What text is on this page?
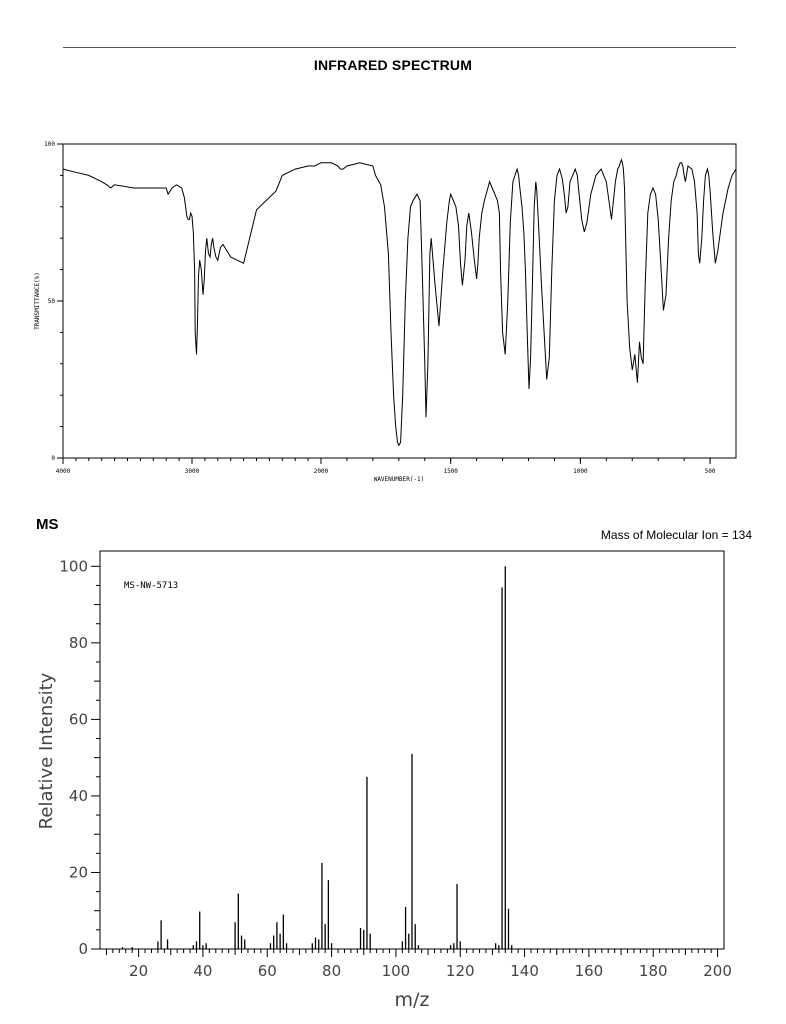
INFRARED SPECTRUM
MS
Mass of Molecular Ion = 134
4000	3000	2000	1500	1000	500
0
50
100
WAVENUMBER(-1)
TRANSMITTANCE(%)
20	40	60	80	100 120 140 160 180 200
0
20
40
60
80
100
MS-NW-5713
m/z
Relative Intensity
